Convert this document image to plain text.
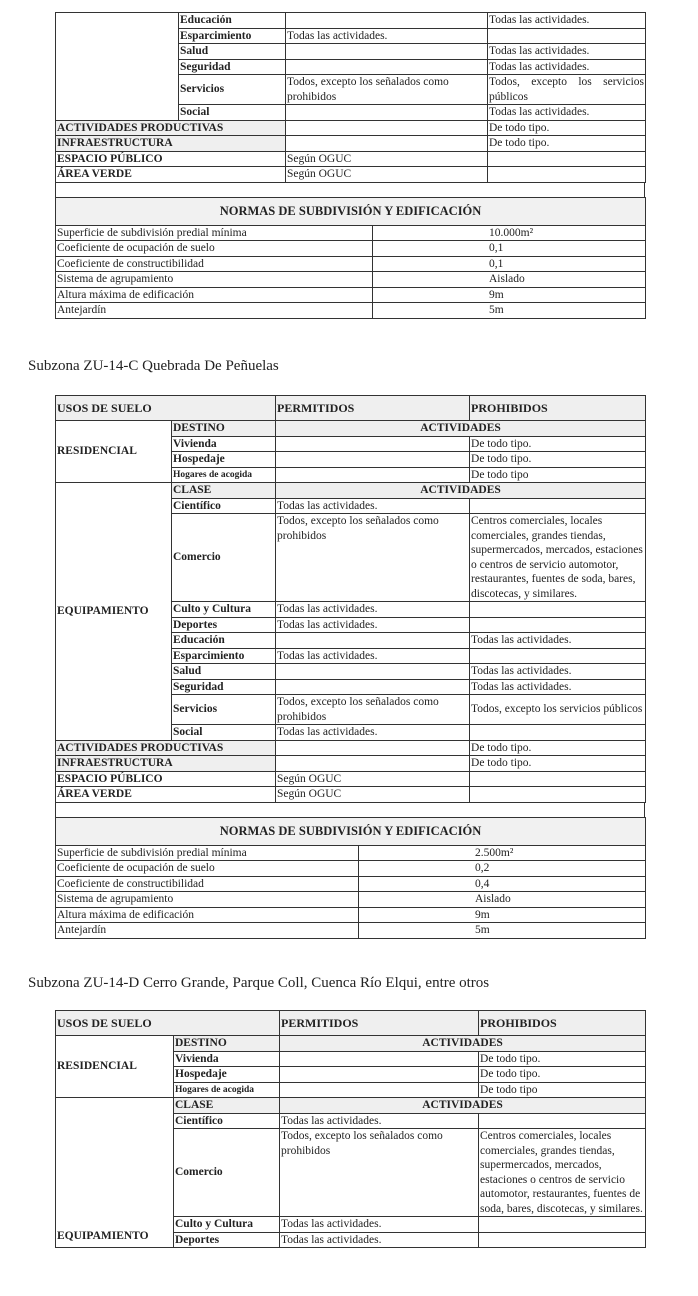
	Educación		Todas las actividades.
	Esparcimiento	Todas las actividades.	
	Salud		Todas las actividades.
	Seguridad		Todas las actividades.
	Servicios	Todos, excepto los señalados como prohibidos	Todos, excepto los servicios públicos
	Social		Todas las actividades.
ACTIVIDADES PRODUCTIVAS			De todo tipo.
INFRAESTRUCTURA			De todo tipo.
ESPACIO PÚBLICO		Según OGUC	
ÁREA VERDE		Según OGUC	
NORMAS DE SUBDIVISIÓN Y EDIFICACIÓN	
Superficie de subdivisión predial mínima	10.000m²
Coeficiente de ocupación de suelo	0,1
Coeficiente de constructibilidad	0,1
Sistema de agrupamiento	Aislado
Altura máxima de edificación	9m
Antejardín	5m
Subzona ZU-14-C Quebrada De Peñuelas
USOS DE SUELO		PERMITIDOS	PROHIBIDOS
RESIDENCIAL	DESTINO	ACTIVIDADES	
	Vivienda		De todo tipo.
	Hospedaje		De todo tipo.
	Hogares de acogida		De todo tipo
EQUIPAMIENTO	CLASE	ACTIVIDADES	
	Científico	Todas las actividades.	
	Comercio	Todos, excepto los señalados como prohibidos	Centros comerciales, locales comerciales, grandes tiendas, supermercados, mercados, estaciones o centros de servicio automotor, restaurantes, fuentes de soda, bares, discotecas, y similares.
	Culto y Cultura	Todas las actividades.	
	Deportes	Todas las actividades.	
	Educación		Todas las actividades.
	Esparcimiento	Todas las actividades.	
	Salud		Todas las actividades.
	Seguridad		Todas las actividades.
	Servicios	Todos, excepto los señalados como prohibidos	Todos, excepto los servicios públicos
	Social	Todas las actividades.	
ACTIVIDADES PRODUCTIVAS			De todo tipo.
INFRAESTRUCTURA			De todo tipo.
ESPACIO PÚBLICO		Según OGUC	
ÁREA VERDE		Según OGUC	
NORMAS DE SUBDIVISIÓN Y EDIFICACIÓN	
Superficie de subdivisión predial mínima	2.500m²
Coeficiente de ocupación de suelo	0,2
Coeficiente de constructibilidad	0,4
Sistema de agrupamiento	Aislado
Altura máxima de edificación	9m
Antejardín	5m
Subzona ZU-14-D Cerro Grande, Parque Coll, Cuenca Río Elqui, entre otros
USOS DE SUELO		PERMITIDOS	PROHIBIDOS
RESIDENCIAL	DESTINO	ACTIVIDADES	
	Vivienda		De todo tipo.
	Hospedaje		De todo tipo.
	Hogares de acogida		De todo tipo
EQUIPAMIENTO	CLASE	ACTIVIDADES	
	Científico	Todas las actividades.	
	Comercio	Todos, excepto los señalados como prohibidos	Centros comerciales, locales comerciales, grandes tiendas, supermercados, mercados, estaciones o centros de servicio automotor, restaurantes, fuentes de soda, bares, discotecas, y similares.
	Culto y Cultura	Todas las actividades.	
	Deportes	Todas las actividades.	
